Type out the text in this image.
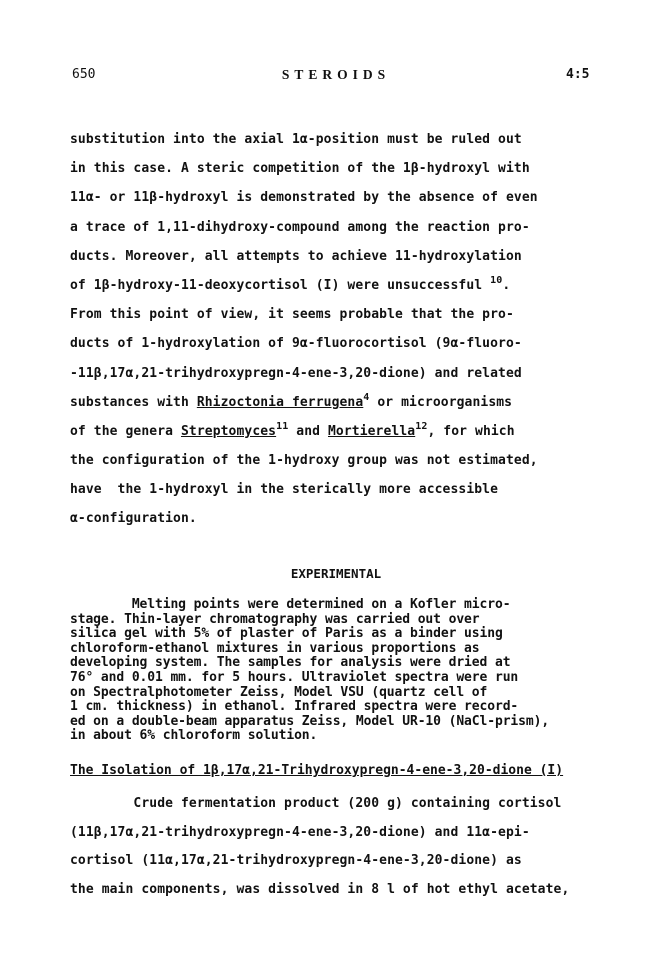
650	STEROIDS	4:5
substitution into the axial 1α-position must be ruled out
in this case. A steric competition of the 1β-hydroxyl with
11α- or 11β-hydroxyl is demonstrated by the absence of even
a trace of 1,11-dihydroxy-compound among the reaction pro-
ducts. Moreover, all attempts to achieve 11-hydroxylation
of 1β-hydroxy-11-deoxycortisol (I) were unsuccessful $^{10}$.
From this point of view, it seems probable that the pro-
ducts of 1-hydroxylation of 9α-fluorocortisol (9α-fluoro-
-11β,17α,21-trihydroxypregn-4-ene-3,20-dione) and related
substances with Rhizoctonia ferrugena$^4$ or microorganisms
of the genera Streptomyces$^{11}$ and Mortierella$^{12}$, for which
the configuration of the 1-hydroxy group was not estimated,
have  the 1-hydroxyl in the sterically more accessible
α-configuration.
EXPERIMENTAL
Melting points were determined on a Kofler micro-
stage. Thin-layer chromatography was carried out over
silica gel with 5% of plaster of Paris as a binder using
chloroform-ethanol mixtures in various proportions as
developing system. The samples for analysis were dried at
76° and 0.01 mm. for 5 hours. Ultraviolet spectra were run
on Spectralphotometer Zeiss, Model VSU (quartz cell of
1 cm. thickness) in ethanol. Infrared spectra were record-
ed on a double-beam apparatus Zeiss, Model UR-10 (NaCl-prism),
in about 6% chloroform solution.
The Isolation of 1β,17α,21-Trihydroxypregn-4-ene-3,20-dione (I)
Crude fermentation product (200 g) containing cortisol
(11β,17α,21-trihydroxypregn-4-ene-3,20-dione) and 11α-epi-
cortisol (11α,17α,21-trihydroxypregn-4-ene-3,20-dione) as
the main components, was dissolved in 8 l of hot ethyl acetate,
